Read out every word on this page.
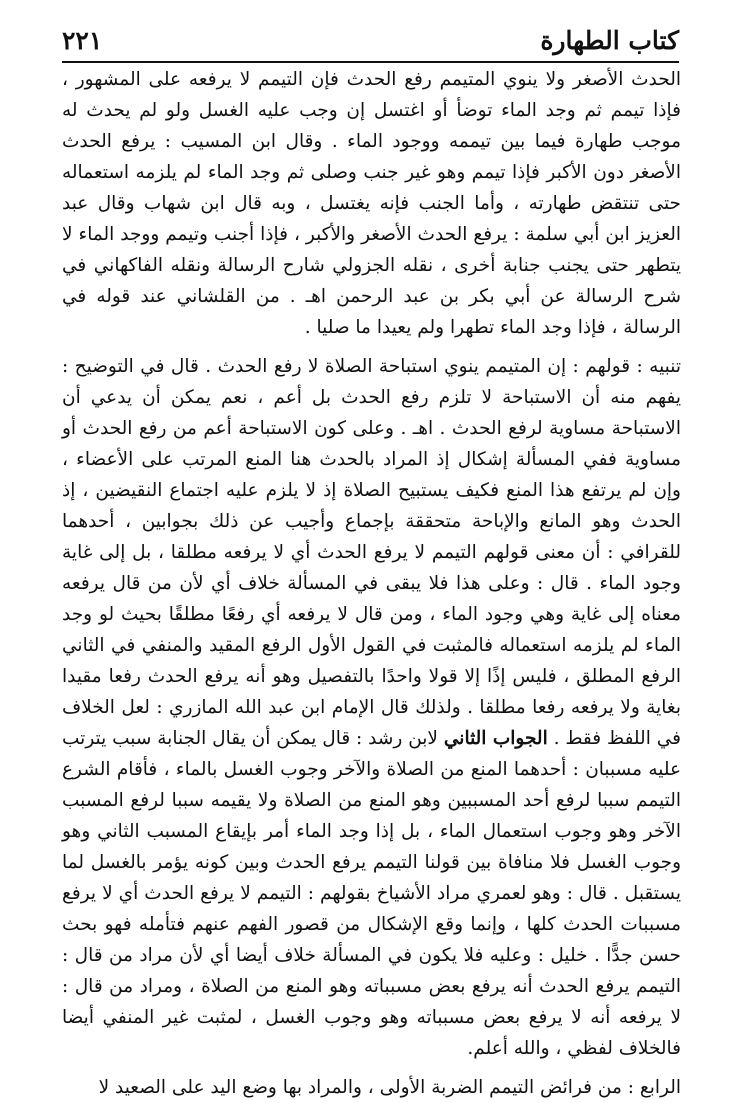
كتاب الطهارة
٢٢١

الحدث الأصغر ولا ينوي المتيمم رفع الحدث فإن التيمم لا يرفعه على المشهور ، فإذا تيمم ثم وجد الماء توضأ أو اغتسل إن وجب عليه الغسل ولو لم يحدث له موجب طهارة فيما بين تيممه ووجود الماء . وقال ابن المسيب : يرفع الحدث الأصغر دون الأكبر فإذا تيمم وهو غير جنب وصلى ثم وجد الماء لم يلزمه استعماله حتى تنتقض طهارته ، وأما الجنب فإنه يغتسل ، وبه قال ابن شهاب وقال عبد العزيز ابن أبي سلمة : يرفع الحدث الأصغر والأكبر ، فإذا أجنب وتيمم ووجد الماء لا يتطهر حتى يجنب جنابة أخرى ، نقله الجزولي شارح الرسالة ونقله الفاكهاني في شرح الرسالة عن أبي بكر بن عبد الرحمن اهـ . من القلشاني عند قوله في الرسالة ، فإذا وجد الماء تطهرا ولم يعيدا ما صليا .

تنبيه : قولهم : إن المتيمم ينوي استباحة الصلاة لا رفع الحدث . قال في التوضيح : يفهم منه أن الاستباحة لا تلزم رفع الحدث بل أعم ، نعم يمكن أن يدعي أن الاستباحة مساوية لرفع الحدث . اهـ . وعلى كون الاستباحة أعم من رفع الحدث أو مساوية ففي المسألة إشكال إذ المراد بالحدث هنا المنع المرتب على الأعضاء ، وإن لم يرتفع هذا المنع فكيف يستبيح الصلاة إذ لا يلزم عليه اجتماع النقيضين ، إذ الحدث وهو المانع والإباحة متحققة بإجماع وأجيب عن ذلك بجوابين ، أحدهما للقرافي : أن معنى قولهم التيمم لا يرفع الحدث أي لا يرفعه مطلقا ، بل إلى غاية وجود الماء . قال : وعلى هذا فلا يبقى في المسألة خلاف أي لأن من قال يرفعه معناه إلى غاية وهي وجود الماء ، ومن قال لا يرفعه أي رفعًا مطلقًا بحيث لو وجد الماء لم يلزمه استعماله فالمثبت في القول الأول الرفع المقيد والمنفي في الثاني الرفع المطلق ، فليس إذًا إلا قولا واحدًا بالتفصيل وهو أنه يرفع الحدث رفعا مقيدا بغاية ولا يرفعه رفعا مطلقا . ولذلك قال الإمام ابن عبد الله المازري : لعل الخلاف في اللفظ فقط . الجواب الثاني لابن رشد : قال يمكن أن يقال الجنابة سبب يترتب عليه مسببان : أحدهما المنع من الصلاة والآخر وجوب الغسل بالماء ، فأقام الشرع التيمم سببا لرفع أحد المسببين وهو المنع من الصلاة ولا يقيمه سببا لرفع المسبب الآخر وهو وجوب استعمال الماء ، بل إذا وجد الماء أمر بإيقاع المسبب الثاني وهو وجوب الغسل فلا منافاة بين قولنا التيمم يرفع الحدث وبين كونه يؤمر بالغسل لما يستقبل . قال : وهو لعمري مراد الأشياخ بقولهم : التيمم لا يرفع الحدث أي لا يرفع مسببات الحدث كلها ، وإنما وقع الإشكال من قصور الفهم عنهم فتأمله فهو بحث حسن جدًّا . خليل : وعليه فلا يكون في المسألة خلاف أيضا أي لأن مراد من قال : التيمم يرفع الحدث أنه يرفع بعض مسبباته وهو المنع من الصلاة ، ومراد من قال : لا يرفعه أنه لا يرفع بعض مسبباته وهو وجوب الغسل ، لمثبت غير المنفي أيضا فالخلاف لفظي ، والله أعلم.

الرابع : من فرائض التيمم الضربة الأولى ، والمراد بها وضع اليد على الصعيد لا
